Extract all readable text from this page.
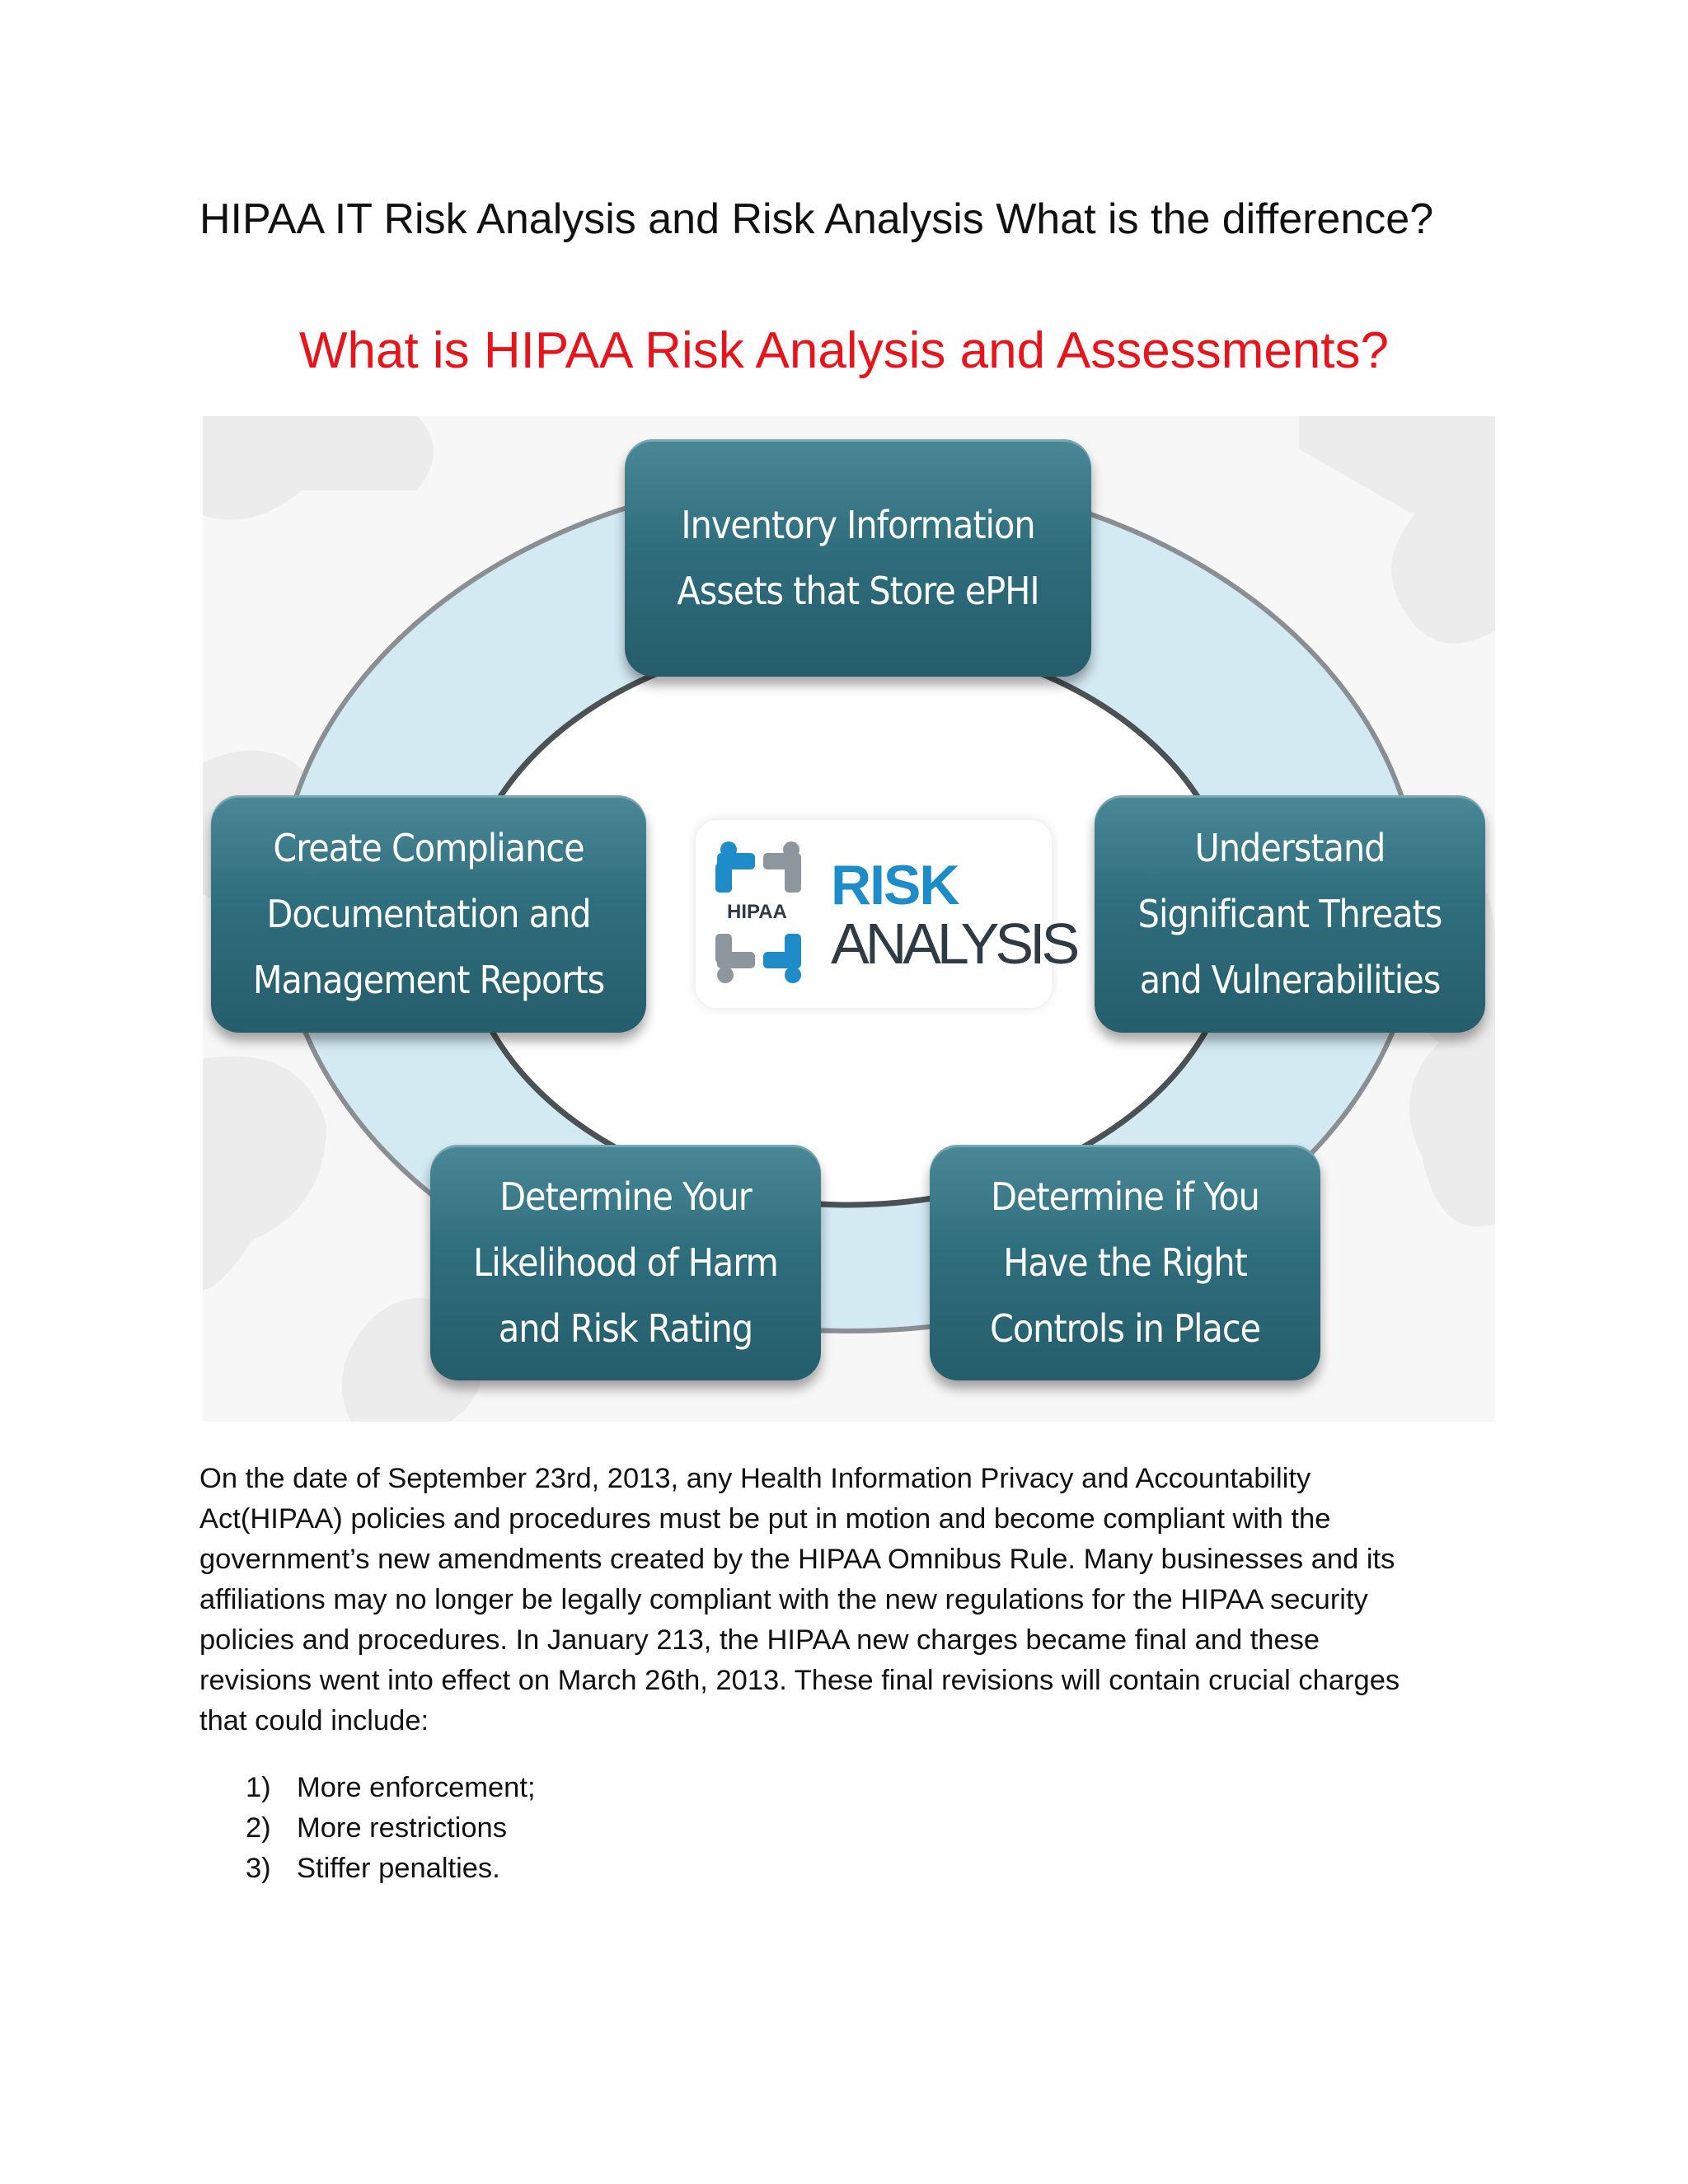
HIPAA IT Risk Analysis and Risk Analysis What is the difference?
What is HIPAA Risk Analysis and Assessments?
Inventory Information
Assets that Store ePHI
Understand
Significant Threats
and Vulnerabilities
Determine if You
Have the Right
Controls in Place
Determine Your
Likelihood of Harm
and Risk Rating
Create Compliance
Documentation and
Management Reports
HIPAA RISK
ANALYSIS

On the date of September 23rd, 2013, any Health Information Privacy and Accountability
Act(HIPAA) policies and procedures must be put in motion and become compliant with the
government’s new amendments created by the HIPAA Omnibus Rule. Many businesses and its
affiliations may no longer be legally compliant with the new regulations for the HIPAA security
policies and procedures. In January 213, the HIPAA new charges became final and these
revisions went into effect on March 26th, 2013. These final revisions will contain crucial charges
that could include:

1) More enforcement;
2) More restrictions
3) Stiffer penalties.
